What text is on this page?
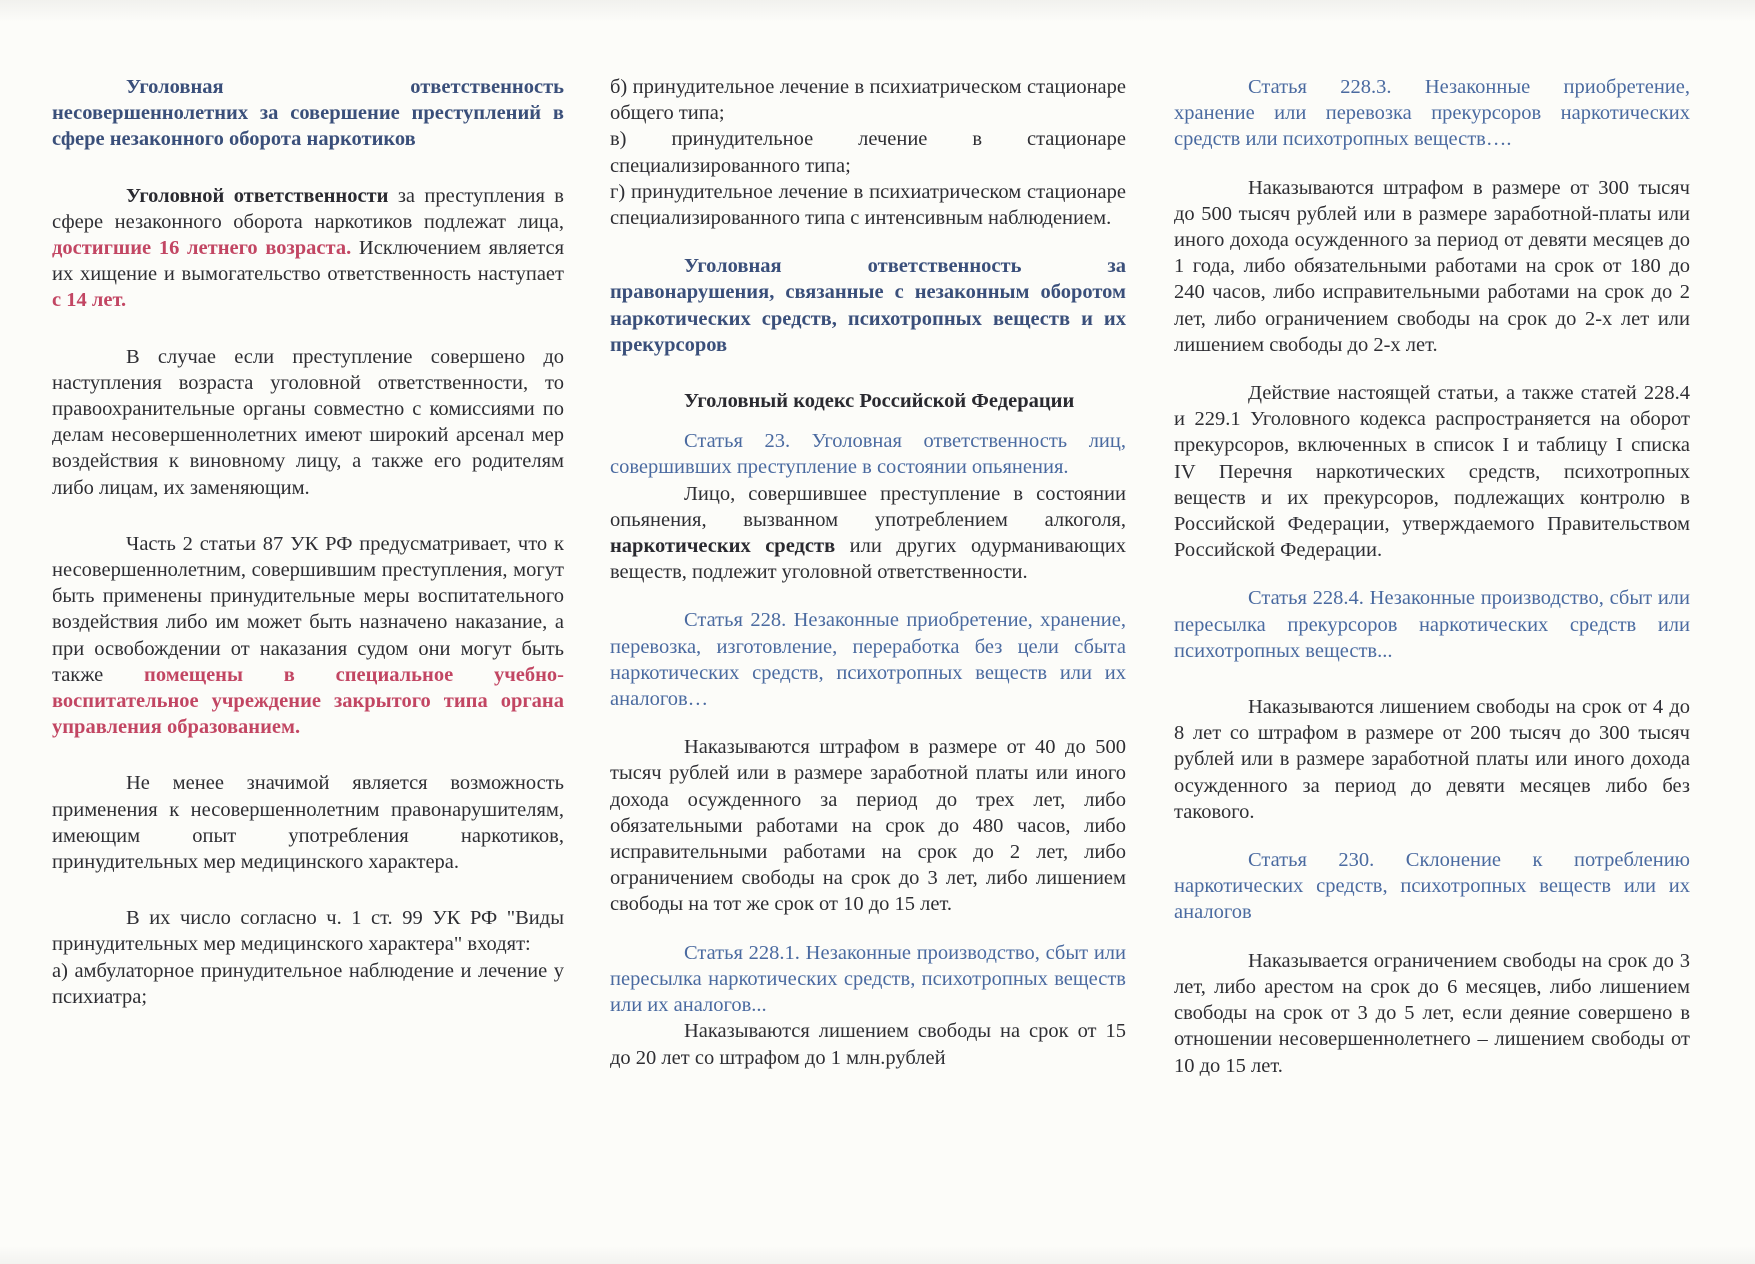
Уголовная ответственность несовершеннолетних за совершение преступлений в сфере незаконного оборота наркотиков

Уголовной ответственности за преступления в сфере незаконного оборота наркотиков подлежат лица, достигшие 16 летнего возраста. Исключением является их хищение и вымогательство ответственность наступает с 14 лет.

В случае если преступление совершено до наступления возраста уголовной ответственности, то правоохранительные органы совместно с комиссиями по делам несовершеннолетних имеют широкий арсенал мер воздействия к виновному лицу, а также его родителям либо лицам, их заменяющим.

Часть 2 статьи 87 УК РФ предусматривает, что к несовершеннолетним, совершившим преступления, могут быть применены принудительные меры воспитательного воздействия либо им может быть назначено наказание, а при освобождении от наказания судом они могут быть также помещены в специальное учебно-воспитательное учреждение закрытого типа органа управления образованием.

Не менее значимой является возможность применения к несовершеннолетним правонарушителям, имеющим опыт употребления наркотиков, принудительных мер медицинского характера.

В их число согласно ч. 1 ст. 99 УК РФ "Виды принудительных мер медицинского характера" входят:

а) амбулаторное принудительное наблюдение и лечение у психиатра;

б) принудительное лечение в психиатрическом стационаре общего типа;

в) принудительное лечение в стационаре специализированного типа;

г) принудительное лечение в психиатрическом стационаре специализированного типа с интенсивным наблюдением.

Уголовная ответственность за правонарушения, связанные с незаконным оборотом наркотических средств, психотропных веществ и их прекурсоров

Уголовный кодекс Российской Федерации

Статья 23. Уголовная ответственность лиц, совершивших преступление в состоянии опьянения.

Лицо, совершившее преступление в состоянии опьянения, вызванном употреблением алкоголя, наркотических средств или других одурманивающих веществ, подлежит уголовной ответственности.

Статья 228. Незаконные приобретение, хранение, перевозка, изготовление, переработка без цели сбыта наркотических средств, психотропных веществ или их аналогов…

Наказываются штрафом в размере от 40 до 500 тысяч рублей или в размере заработной платы или иного дохода осужденного за период до трех лет, либо обязательными работами на срок до 480 часов, либо исправительными работами на срок до 2 лет, либо ограничением свободы на срок до 3 лет, либо лишением свободы на тот же срок от 10 до 15 лет.

Статья 228.1. Незаконные производство, сбыт или пересылка наркотических средств, психотропных веществ или их аналогов...

Наказываются лишением свободы на срок от 15 до 20 лет со штрафом до 1 млн.рублей

Статья 228.3. Незаконные приобретение, хранение или перевозка прекурсоров наркотических средств или психотропных веществ….

Наказываются штрафом в размере от 300 тысяч до 500 тысяч рублей или в размере заработной-платы или иного дохода осужденного за период от девяти месяцев до 1 года, либо обязательными работами на срок от 180 до 240 часов, либо исправительными работами на срок до 2 лет, либо ограничением свободы на срок до 2-х лет или лишением свободы до 2-х лет.

Действие настоящей статьи, а также статей 228.4 и 229.1 Уголовного кодекса распространяется на оборот прекурсоров, включенных в список I и таблицу I списка IV Перечня наркотических средств, психотропных веществ и их прекурсоров, подлежащих контролю в Российской Федерации, утверждаемого Правительством Российской Федерации.

Статья 228.4. Незаконные производство, сбыт или пересылка прекурсоров наркотических средств или психотропных веществ...

Наказываются лишением свободы на срок от 4 до 8 лет со штрафом в размере от 200 тысяч до 300 тысяч рублей или в размере заработной платы или иного дохода осужденного за период до девяти месяцев либо без такового.

Статья 230. Склонение к потреблению наркотических средств, психотропных веществ или их аналогов

Наказывается ограничением свободы на срок до 3 лет, либо арестом на срок до 6 месяцев, либо лишением свободы на срок от 3 до 5 лет, если деяние совершено в отношении несовершеннолетнего – лишением свободы от 10 до 15 лет.
